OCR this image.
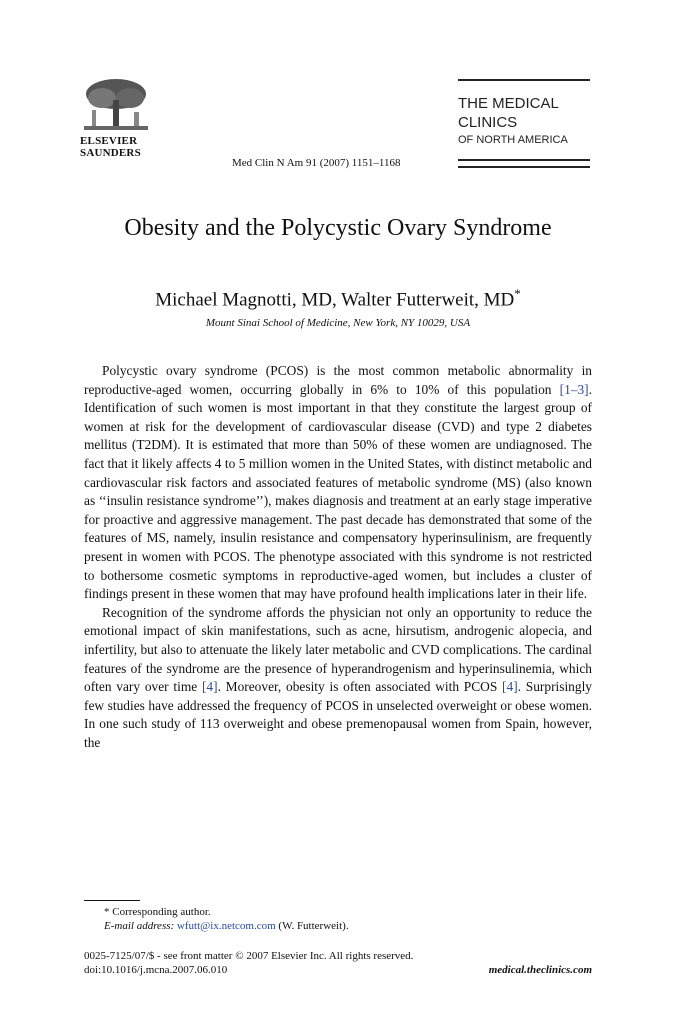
ELSEVIER
SAUNDERS
Med Clin N Am 91 (2007) 1151–1168
THE MEDICAL
CLINICS
OF NORTH AMERICA
Obesity and the Polycystic Ovary Syndrome
Michael Magnotti, MD, Walter Futterweit, MD*
Mount Sinai School of Medicine, New York, NY 10029, USA

Polycystic ovary syndrome (PCOS) is the most common metabolic abnormality in reproductive-aged women, occurring globally in 6% to 10% of this population [1–3]. Identification of such women is most important in that they constitute the largest group of women at risk for the development of cardiovascular disease (CVD) and type 2 diabetes mellitus (T2DM). It is estimated that more than 50% of these women are undiagnosed. The fact that it likely affects 4 to 5 million women in the United States, with distinct metabolic and cardiovascular risk factors and associated features of metabolic syndrome (MS) (also known as ‘‘insulin resistance syndrome’’), makes diagnosis and treatment at an early stage imperative for proactive and aggressive management. The past decade has demonstrated that some of the features of MS, namely, insulin resistance and compensatory hyperinsulinism, are frequently present in women with PCOS. The phenotype associated with this syndrome is not restricted to bothersome cosmetic symptoms in reproductive-aged women, but includes a cluster of findings present in these women that may have profound health implications later in their life.

Recognition of the syndrome affords the physician not only an opportunity to reduce the emotional impact of skin manifestations, such as acne, hirsutism, androgenic alopecia, and infertility, but also to attenuate the likely later metabolic and CVD complications. The cardinal features of the syndrome are the presence of hyperandrogenism and hyperinsulinemia, which often vary over time [4]. Moreover, obesity is often associated with PCOS [4]. Surprisingly few studies have addressed the frequency of PCOS in unselected overweight or obese women. In one such study of 113 overweight and obese premenopausal women from Spain, however, the

* Corresponding author.
E-mail address: wfutt@ix.netcom.com (W. Futterweit).
0025-7125/07/$ - see front matter © 2007 Elsevier Inc. All rights reserved.
doi:10.1016/j.mcna.2007.06.010	medical.theclinics.com
